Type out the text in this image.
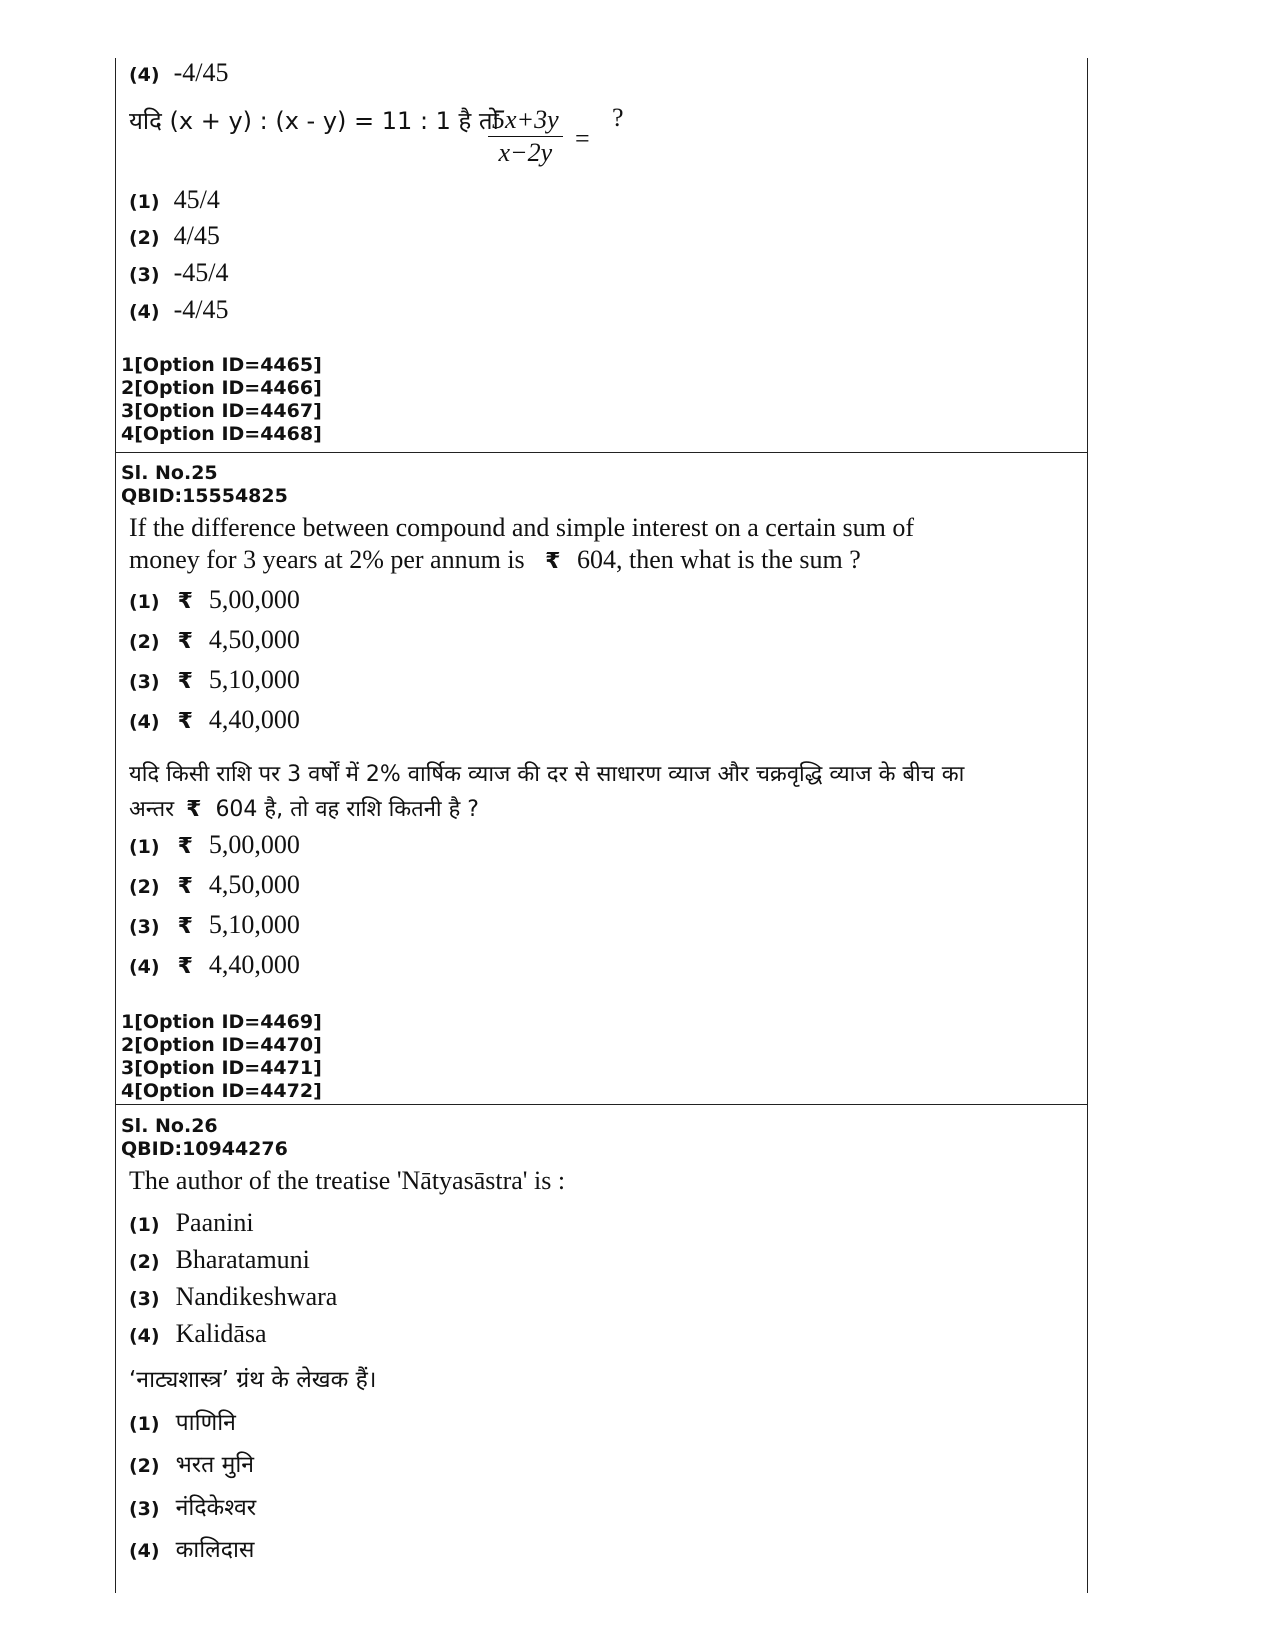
(4) -4/45
यदि (x + y) : (x - y) = 11 : 1 है तो
$\frac{5x+3y}{x-2y}$ =
?
(1) 45/4
(2) 4/45
(3) -45/4
(4) -4/45
1[Option ID=4465]
2[Option ID=4466]
3[Option ID=4467]
4[Option ID=4468]
Sl. No.25
QBID:15554825
If the difference between compound and simple interest on a certain sum of
money for 3 years at 2% per annum is ₹ 604, then what is the sum ?
(1) ₹ 5,00,000
(2) ₹ 4,50,000
(3) ₹ 5,10,000
(4) ₹ 4,40,000
यदि किसी राशि पर 3 वर्षों में 2% वार्षिक व्याज की दर से साधारण व्याज और चक्रवृद्धि व्याज के बीच का
अन्तर ₹ 604 है, तो वह राशि कितनी है ?
(1) ₹ 5,00,000
(2) ₹ 4,50,000
(3) ₹ 5,10,000
(4) ₹ 4,40,000
1[Option ID=4469]
2[Option ID=4470]
3[Option ID=4471]
4[Option ID=4472]
Sl. No.26
QBID:10944276
The author of the treatise 'Nātyasāstra' is :
(1) Paanini
(2) Bharatamuni
(3) Nandikeshwara
(4) Kalidāsa
‘नाट्यशास्त्र’ ग्रंथ के लेखक हैं।
(1) पाणिनि
(2) भरत मुनि
(3) नंदिकेश्वर
(4) कालिदास
